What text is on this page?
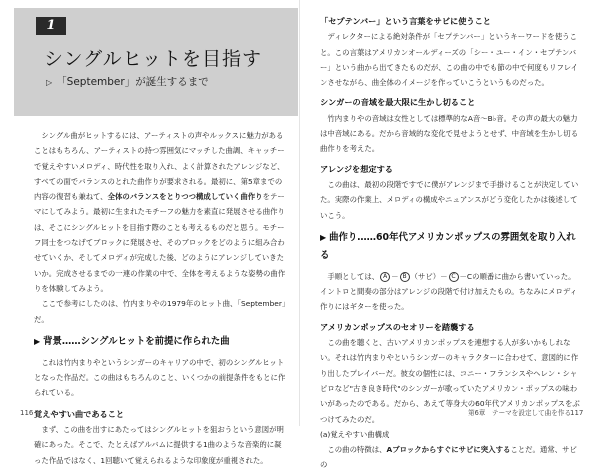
1
シングルヒットを目指す
▷ 「September」が誕生するまで

シングル曲がヒットするには、アーティストの声やルックスに魅力があることはもちろん、アーティストの持つ雰囲気にマッチした曲調、キャッチーで覚えやすいメロディ、時代性を取り入れ、よく計算されたアレンジなど、すべての面でバランスのとれた曲作りが要求される。最初に、第5章までの内容の復習も兼ねて、全体のバランスをとりつつ構成していく曲作りをテーマにしてみよう。最初に生まれたモチーフの魅力を素直に発展させる曲作りは、そこにシングルヒットを目指す際のことも考えるものだと思う。モチーフ同士をつなげてブロックに発展させ、そのブロックをどのように組み合わせていくか、そしてメロディが完成した後、どのようにアレンジしていきたいか。完成させるまでの一連の作業の中で、全体を考えるような姿勢の曲作りを体験してみよう。

ここで参考にしたのは、竹内まりやの1979年のヒット曲、「September」だ。

▶ 背景……シングルヒットを前提に作られた曲

これは竹内まりやというシンガーのキャリアの中で、初のシングルヒットとなった作品だ。この曲はもちろんのこと、いくつかの前提条件をもとに作られている。

覚えやすい曲であること

まず、この曲を出すにあたってはシングルヒットを狙おうという意図が明確にあった。そこで、たとえばアルバムに提供する1曲のような音楽的に凝った作品ではなく、1回聴いて覚えられるような印象度が重視された。

116
「セプテンバー」という言葉をサビに使うこと

ディレクターによる絶対条件が「セプテンバー」というキーワードを使うこと。この言葉はアメリカンオールディーズの「シー・ユー・イン・セプテンバー」という曲から出てきたものだが、この曲の中でも節の中で何度もリフレインさせながら、曲全体のイメージを作っていこうというものだった。

シンガーの音域を最大限に生かし切ること

竹内まりやの音域は女性としては標準的なA音～B♭音。その声の最大の魅力は中音域にある。だから音域的な変化で見せようとせず、中音域を生かし切る曲作りを考えた。

アレンジを想定する

この曲は、最初の段階ですでに僕がアレンジまで手掛けることが決定していた。実際の作業上、メロディの構成やニュアンスがどう変化したかは後述していこう。

▶ 曲作り……60年代アメリカンポップスの雰囲気を取り入れる

手順としては、 A － B （サビ）－ C －Cの順番に曲から書いていった。イントロと間奏の部分はアレンジの段階で付け加えたもの。ちなみにメロディ作りにはギターを使った。

アメリカンポップスのセオリーを踏襲する

この曲を聴くと、古いアメリカンポップスを連想する人が多いかもしれない。それは竹内まりやというシンガーのキャラクターに合わせて、意図的に作り出したプレイバーだ。彼女の個性には、コニー・フランシスやヘレン・シャピロなど"古き良き時代"のシンガーが歌っていたアメリカン・ポップスの味わいがあったのである。だから、あえて等身大の60年代アメリカンポップスをぶつけてみたのだ。

(a)覚えやすい曲構成

この曲の特徴は、Aブロックからすぐにサビに突入することだ。通常、サビの

第6章　テーマを設定して曲を作る
117
